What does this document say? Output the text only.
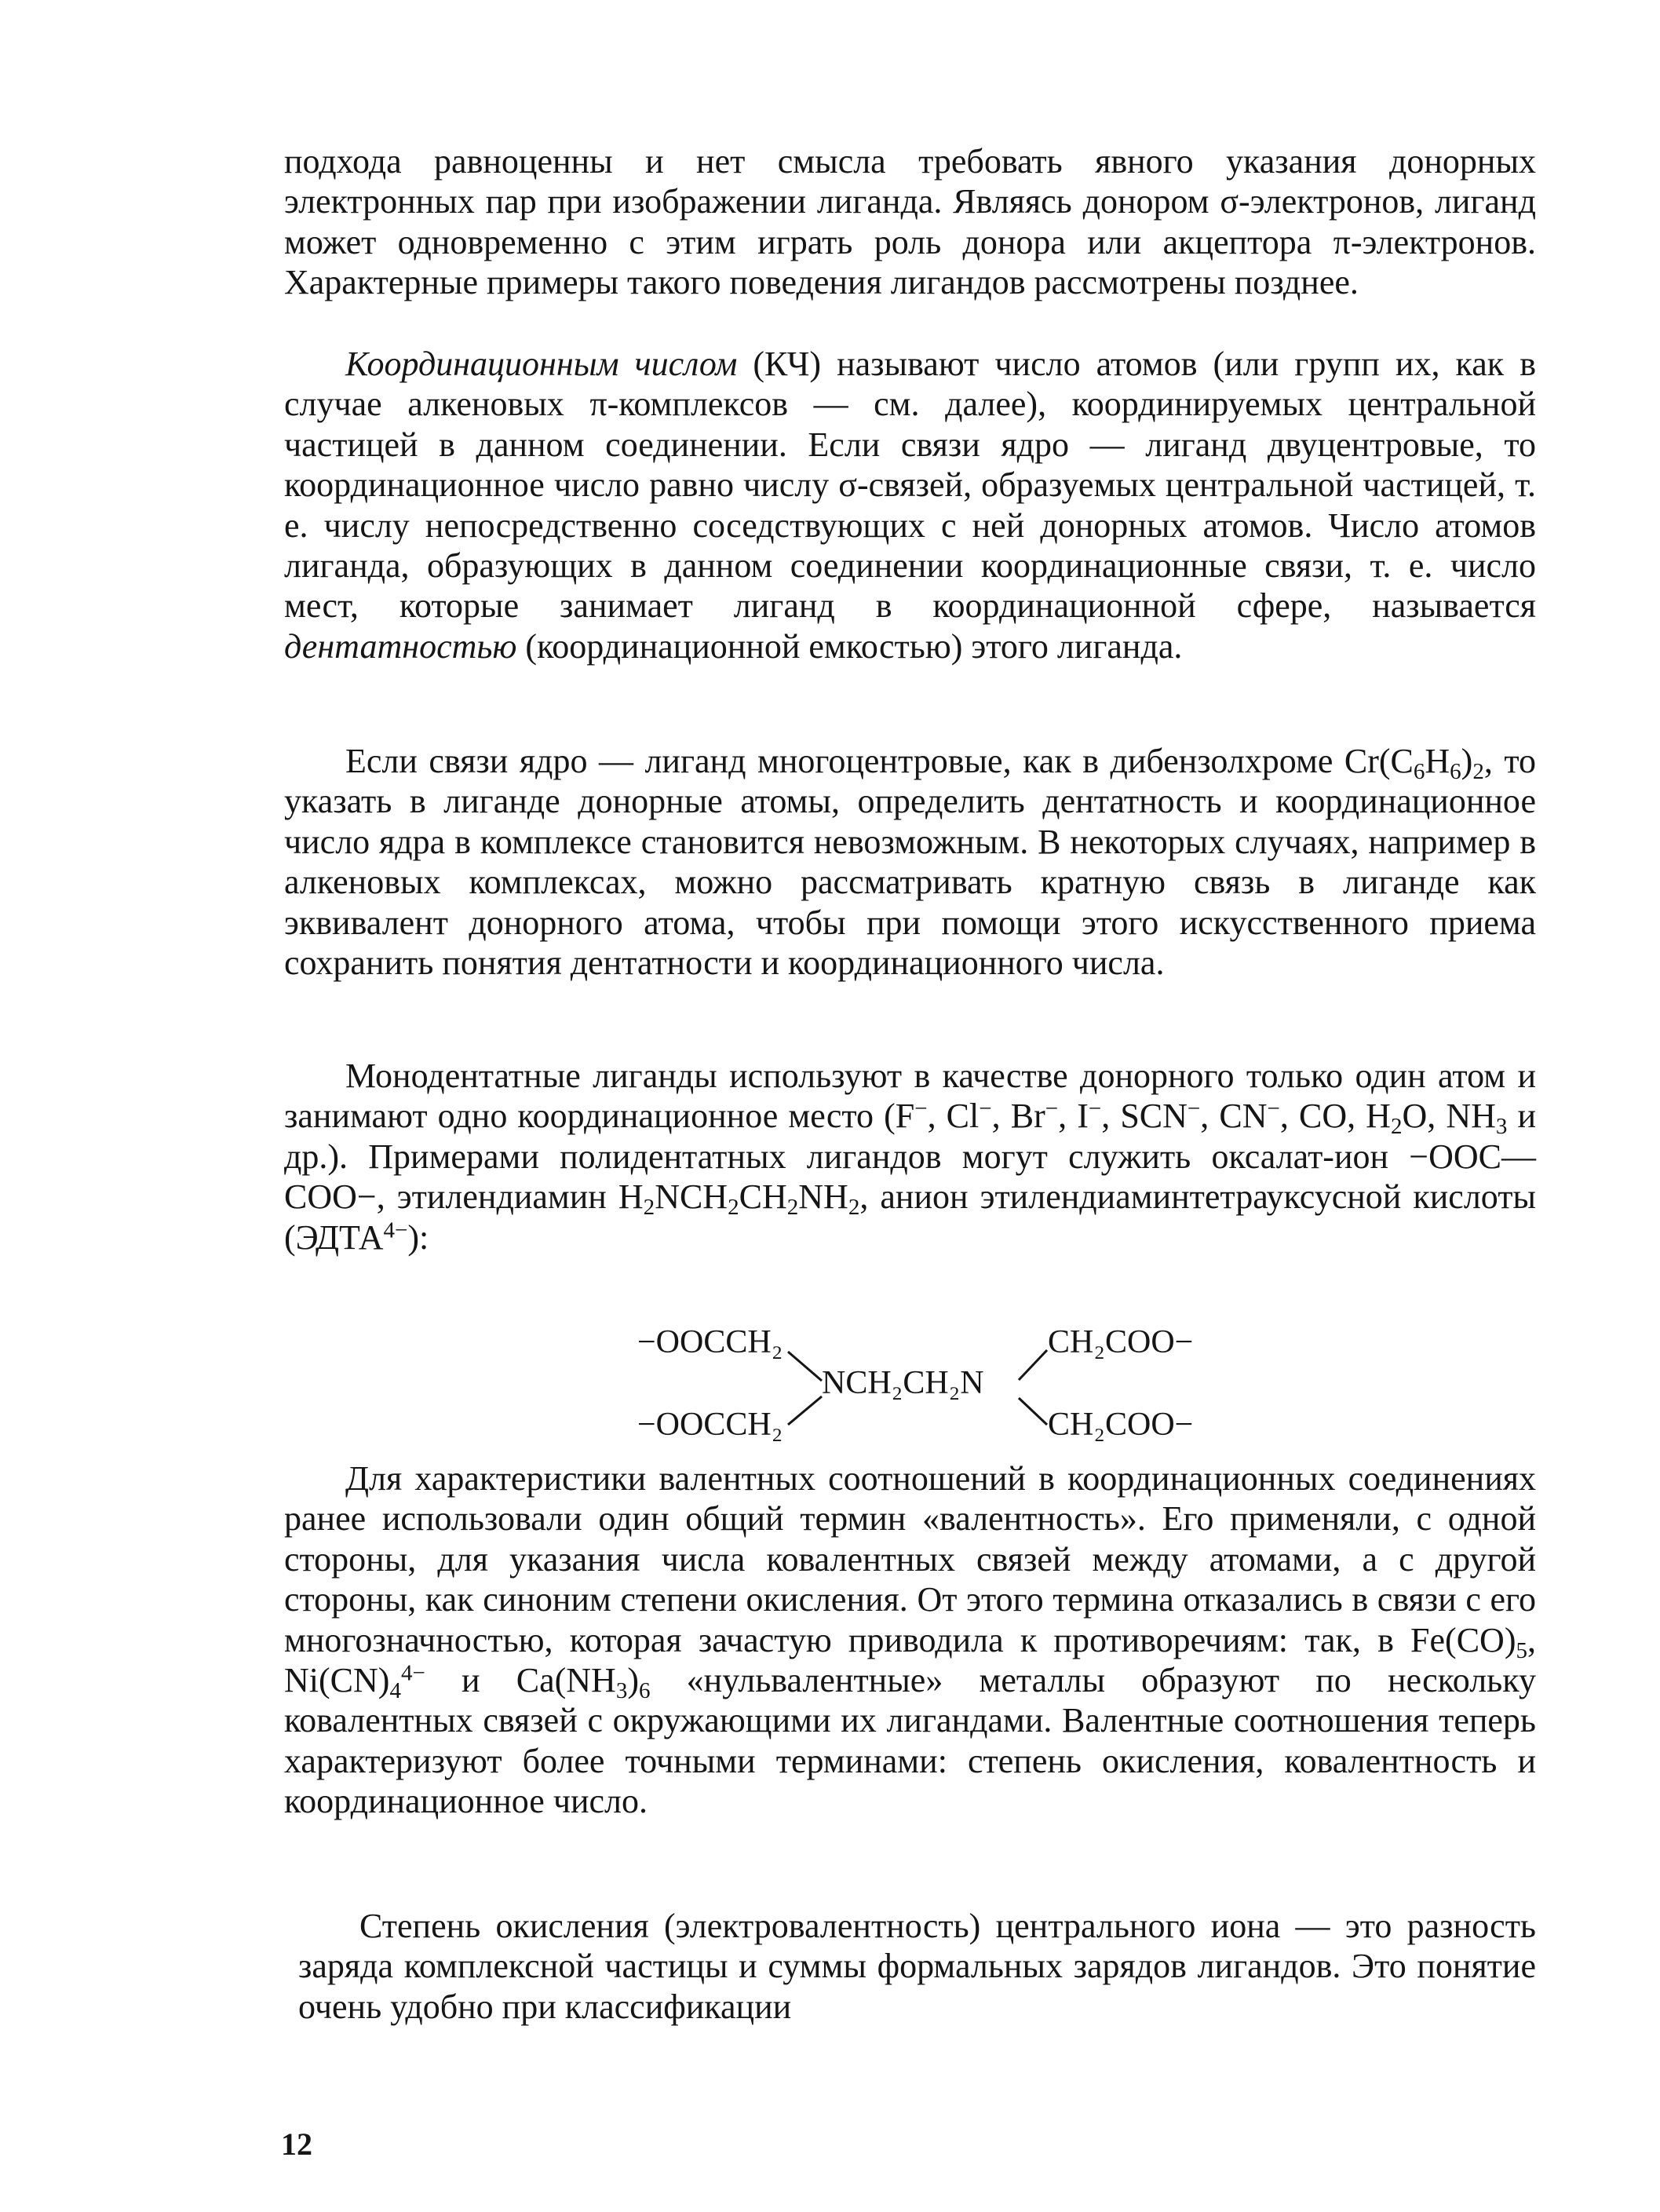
подхода равноценны и нет смысла требовать явного указания донорных электронных пар при изображении лиганда. Являясь донором σ-электронов, лиганд может одновременно с этим играть роль донора или акцептора π-электронов. Характерные примеры такого поведения лигандов рассмотрены позднее.

Координационным числом (КЧ) называют число атомов (или групп их, как в случае алкеновых π-комплексов — см. далее), координируемых центральной частицей в данном соединении. Если связи ядро — лиганд двуцентровые, то координационное число равно числу σ-связей, образуемых центральной частицей, т. е. числу непосредственно соседствующих с ней донорных атомов. Число атомов лиганда, образующих в данном соединении координационные связи, т. е. число мест, которые занимает лиганд в координационной сфере, называется дентатностью (координационной емкостью) этого лиганда.

Если связи ядро — лиганд многоцентровые, как в дибензолхроме $Cr(C_6H_6)_2$, то указать в лиганде донорные атомы, определить дентатность и координационное число ядра в комплексе становится невозможным. В некоторых случаях, например в алкеновых комплексах, можно рассматривать кратную связь в лиганде как эквивалент донорного атома, чтобы при помощи этого искусственного приема сохранить понятия дентатности и координационного числа.

Монодентатные лиганды используют в качестве донорного только один атом и занимают одно координационное место (F−, Cl−, Br−, I−, SCN−, CN−, CO, $H_2O$, $NH_3$ и др.). Примерами полидентатных лигандов могут служить оксалат-ион −OOC—COO−, этилендиамин $H_2NCH_2CH_2NH_2$, анион этилендиаминтетрауксусной кислоты $(ЭДТА^{4-})$:

−OOCCH₂
−OOCCH₂
NCH₂CH₂N
CH₂COO−
CH₂COO−

Для характеристики валентных соотношений в координационных соединениях ранее использовали один общий термин «валентность». Его применяли, с одной стороны, для указания числа ковалентных связей между атомами, а с другой стороны, как синоним степени окисления. От этого термина отказались в связи с его многозначностью, которая зачастую приводила к противоречиям: так, в $Fe(CO)_5$, $Ni(CN)_4^{4-}$ и $Ca(NH_3)_6$ «нульвалентные» металлы образуют по нескольку ковалентных связей с окружающими их лигандами. Валентные соотношения теперь характеризуют более точными терминами: степень окисления, ковалентность и координационное число.

Степень окисления (электровалентность) центрального иона — это разность заряда комплексной частицы и суммы формальных зарядов лигандов. Это понятие очень удобно при классификации

12
